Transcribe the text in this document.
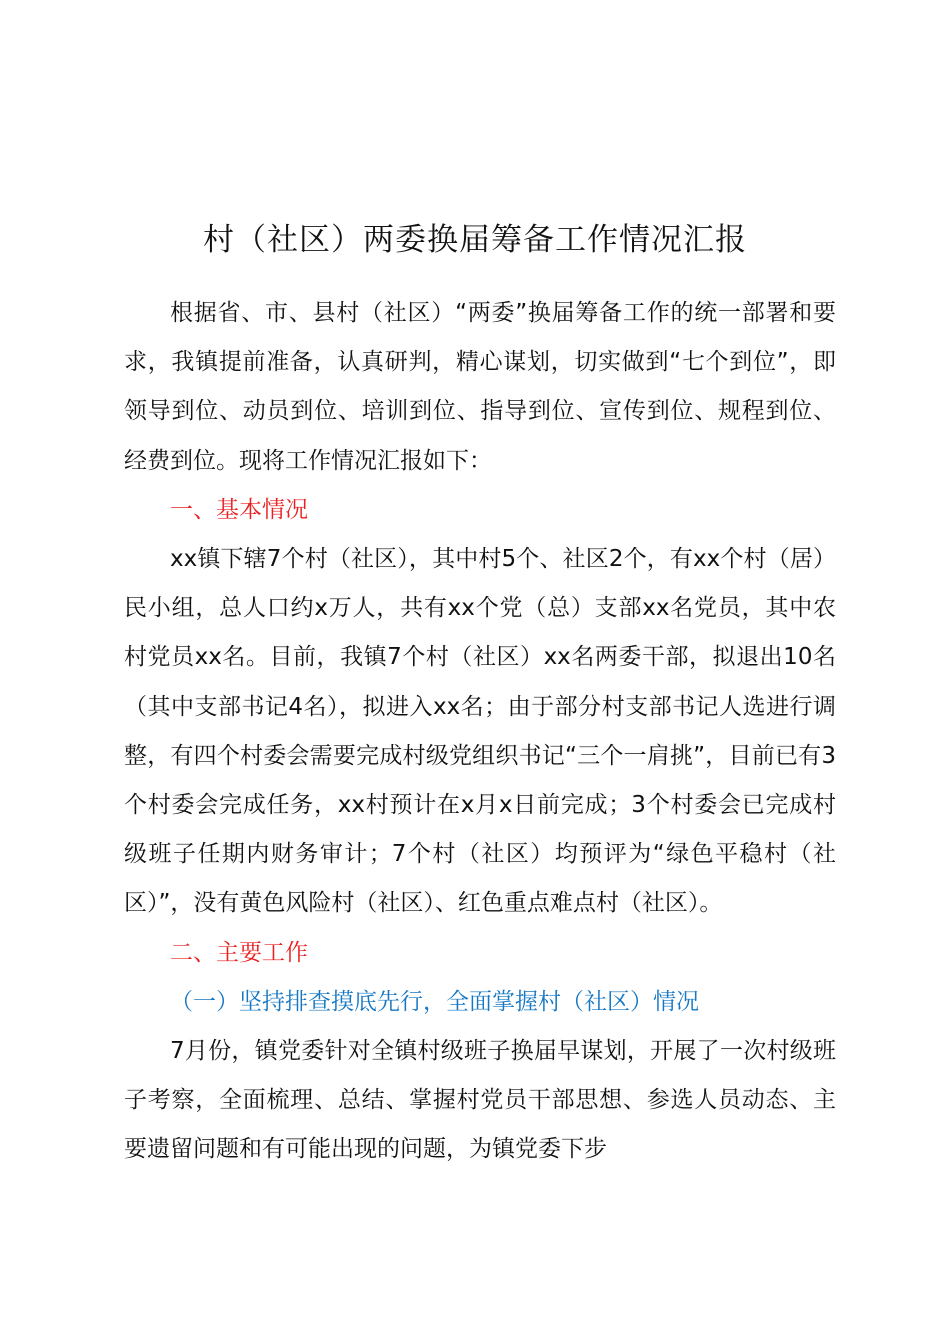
村（社区）两委换届筹备工作情况汇报

根据省、市、县村（社区）“两委”换届筹备工作的统一部署和要求，我镇提前准备，认真研判，精心谋划，切实做到“七个到位”，即领导到位、动员到位、培训到位、指导到位、宣传到位、规程到位、经费到位。现将工作情况汇报如下：

一、基本情况

xx镇下辖7个村（社区），其中村5个、社区2个，有xx个村（居）民小组，总人口约x万人，共有xx个党（总）支部xx名党员，其中农村党员xx名。目前，我镇7个村（社区）xx名两委干部，拟退出10名（其中支部书记4名），拟进入xx名；由于部分村支部书记人选进行调整，有四个村委会需要完成村级党组织书记“三个一肩挑”，目前已有3个村委会完成任务，xx村预计在x月x日前完成；3个村委会已完成村级班子任期内财务审计；7个村（社区）均预评为“绿色平稳村（社区）”，没有黄色风险村（社区）、红色重点难点村（社区）。

二、主要工作

（一）坚持排查摸底先行，全面掌握村（社区）情况

7月份，镇党委针对全镇村级班子换届早谋划，开展了一次村级班子考察，全面梳理、总结、掌握村党员干部思想、参选人员动态、主要遗留问题和有可能出现的问题，为镇党委下步
